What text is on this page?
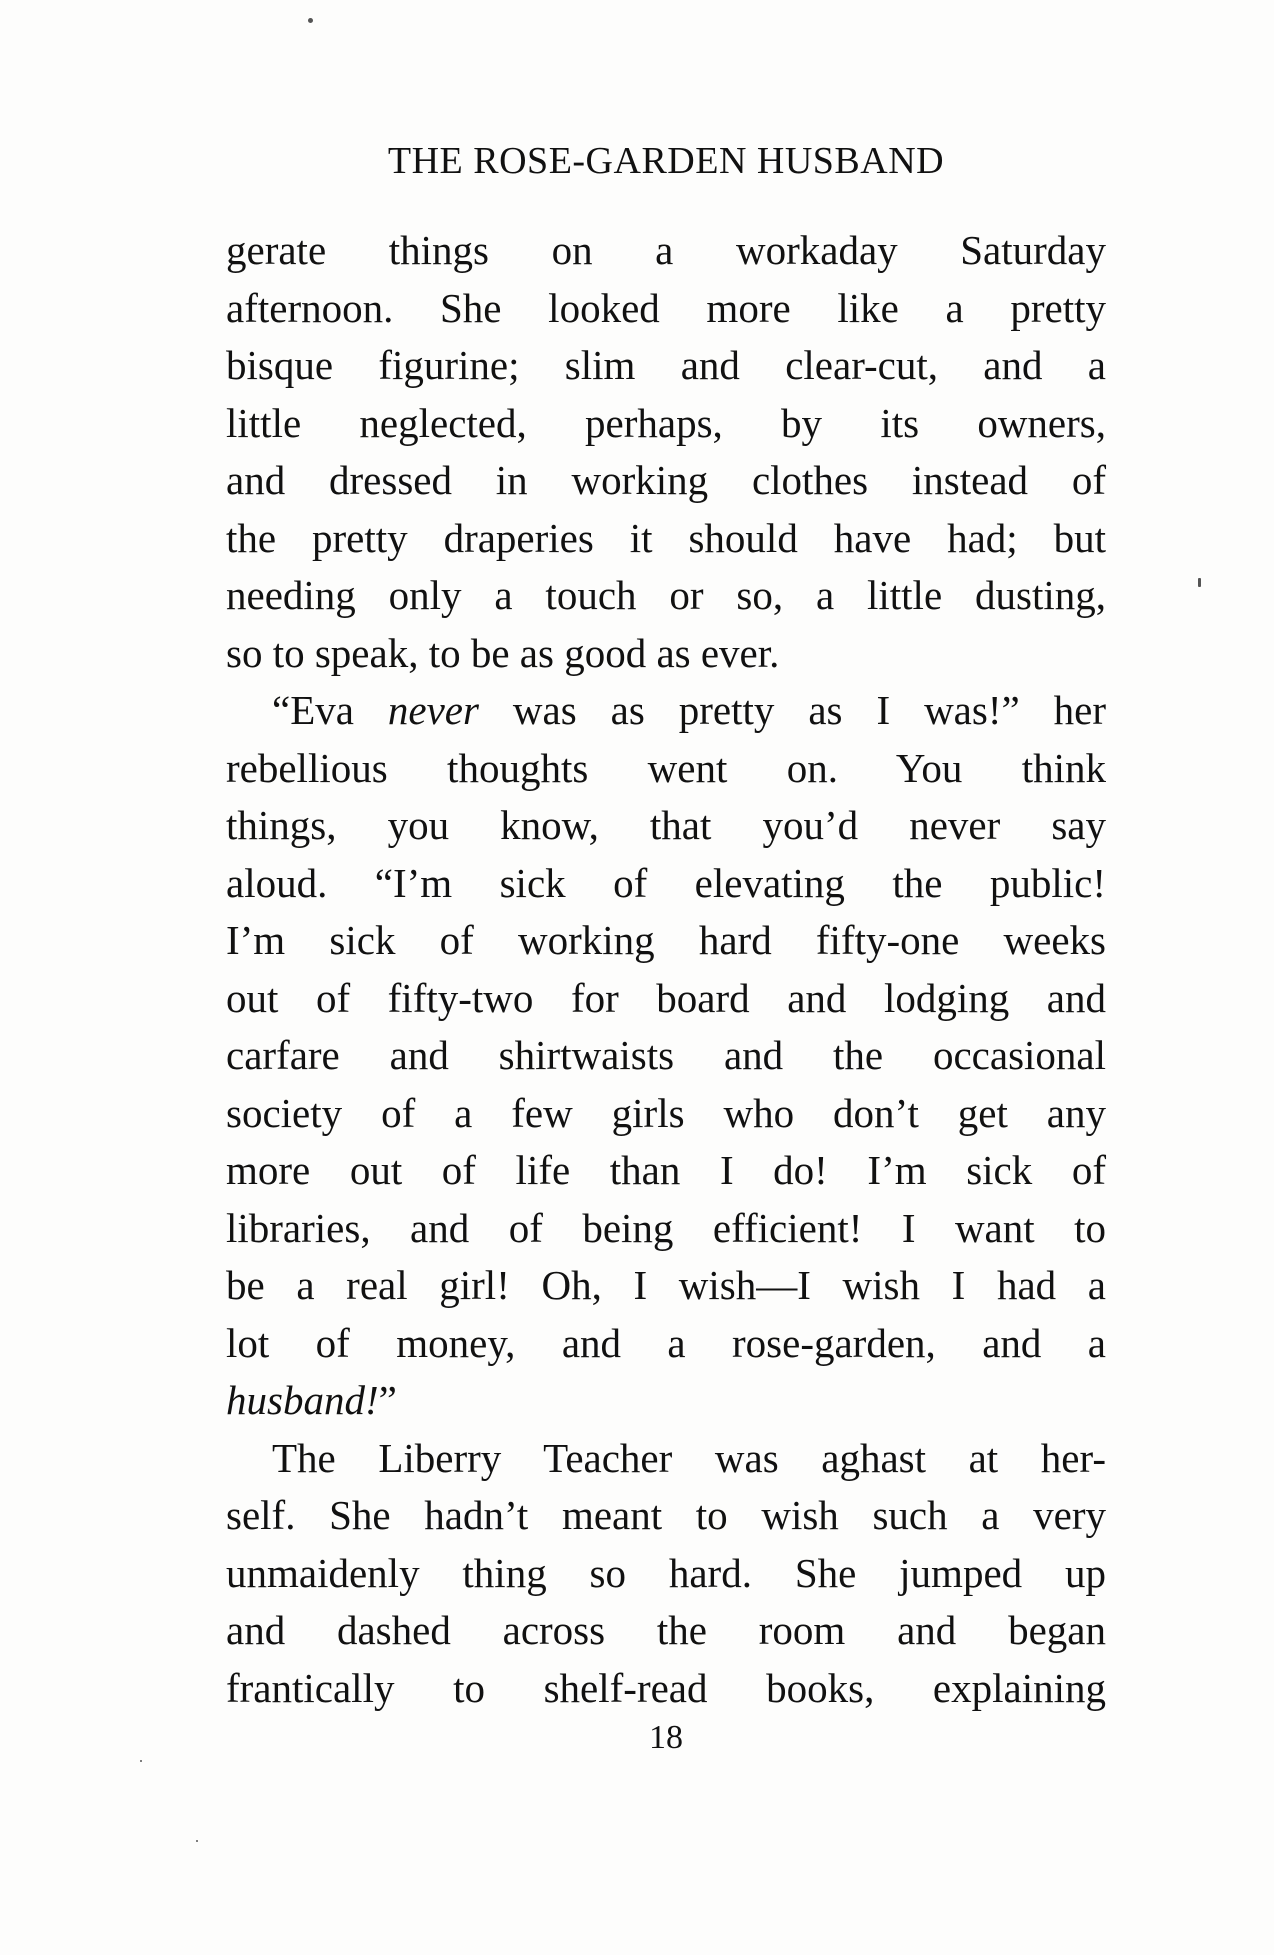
THE ROSE-GARDEN HUSBAND
gerate things on a workaday Saturday
afternoon. She looked more like a pretty
bisque figurine; slim and clear-cut, and a
little neglected, perhaps, by its owners,
and dressed in working clothes instead of
the pretty draperies it should have had; but
needing only a touch or so, a little dusting,
so to speak, to be as good as ever.
“Eva never was as pretty as I was!” her
rebellious thoughts went on. You think
things, you know, that you’d never say
aloud. “I’m sick of elevating the public!
I’m sick of working hard fifty-one weeks
out of fifty-two for board and lodging and
carfare and shirtwaists and the occasional
society of a few girls who don’t get any
more out of life than I do! I’m sick of
libraries, and of being efficient! I want to
be a real girl! Oh, I wish—I wish I had a
lot of money, and a rose-garden, and a
husband!”
The Liberry Teacher was aghast at her-
self. She hadn’t meant to wish such a very
unmaidenly thing so hard. She jumped up
and dashed across the room and began
frantically to shelf-read books, explaining
18
